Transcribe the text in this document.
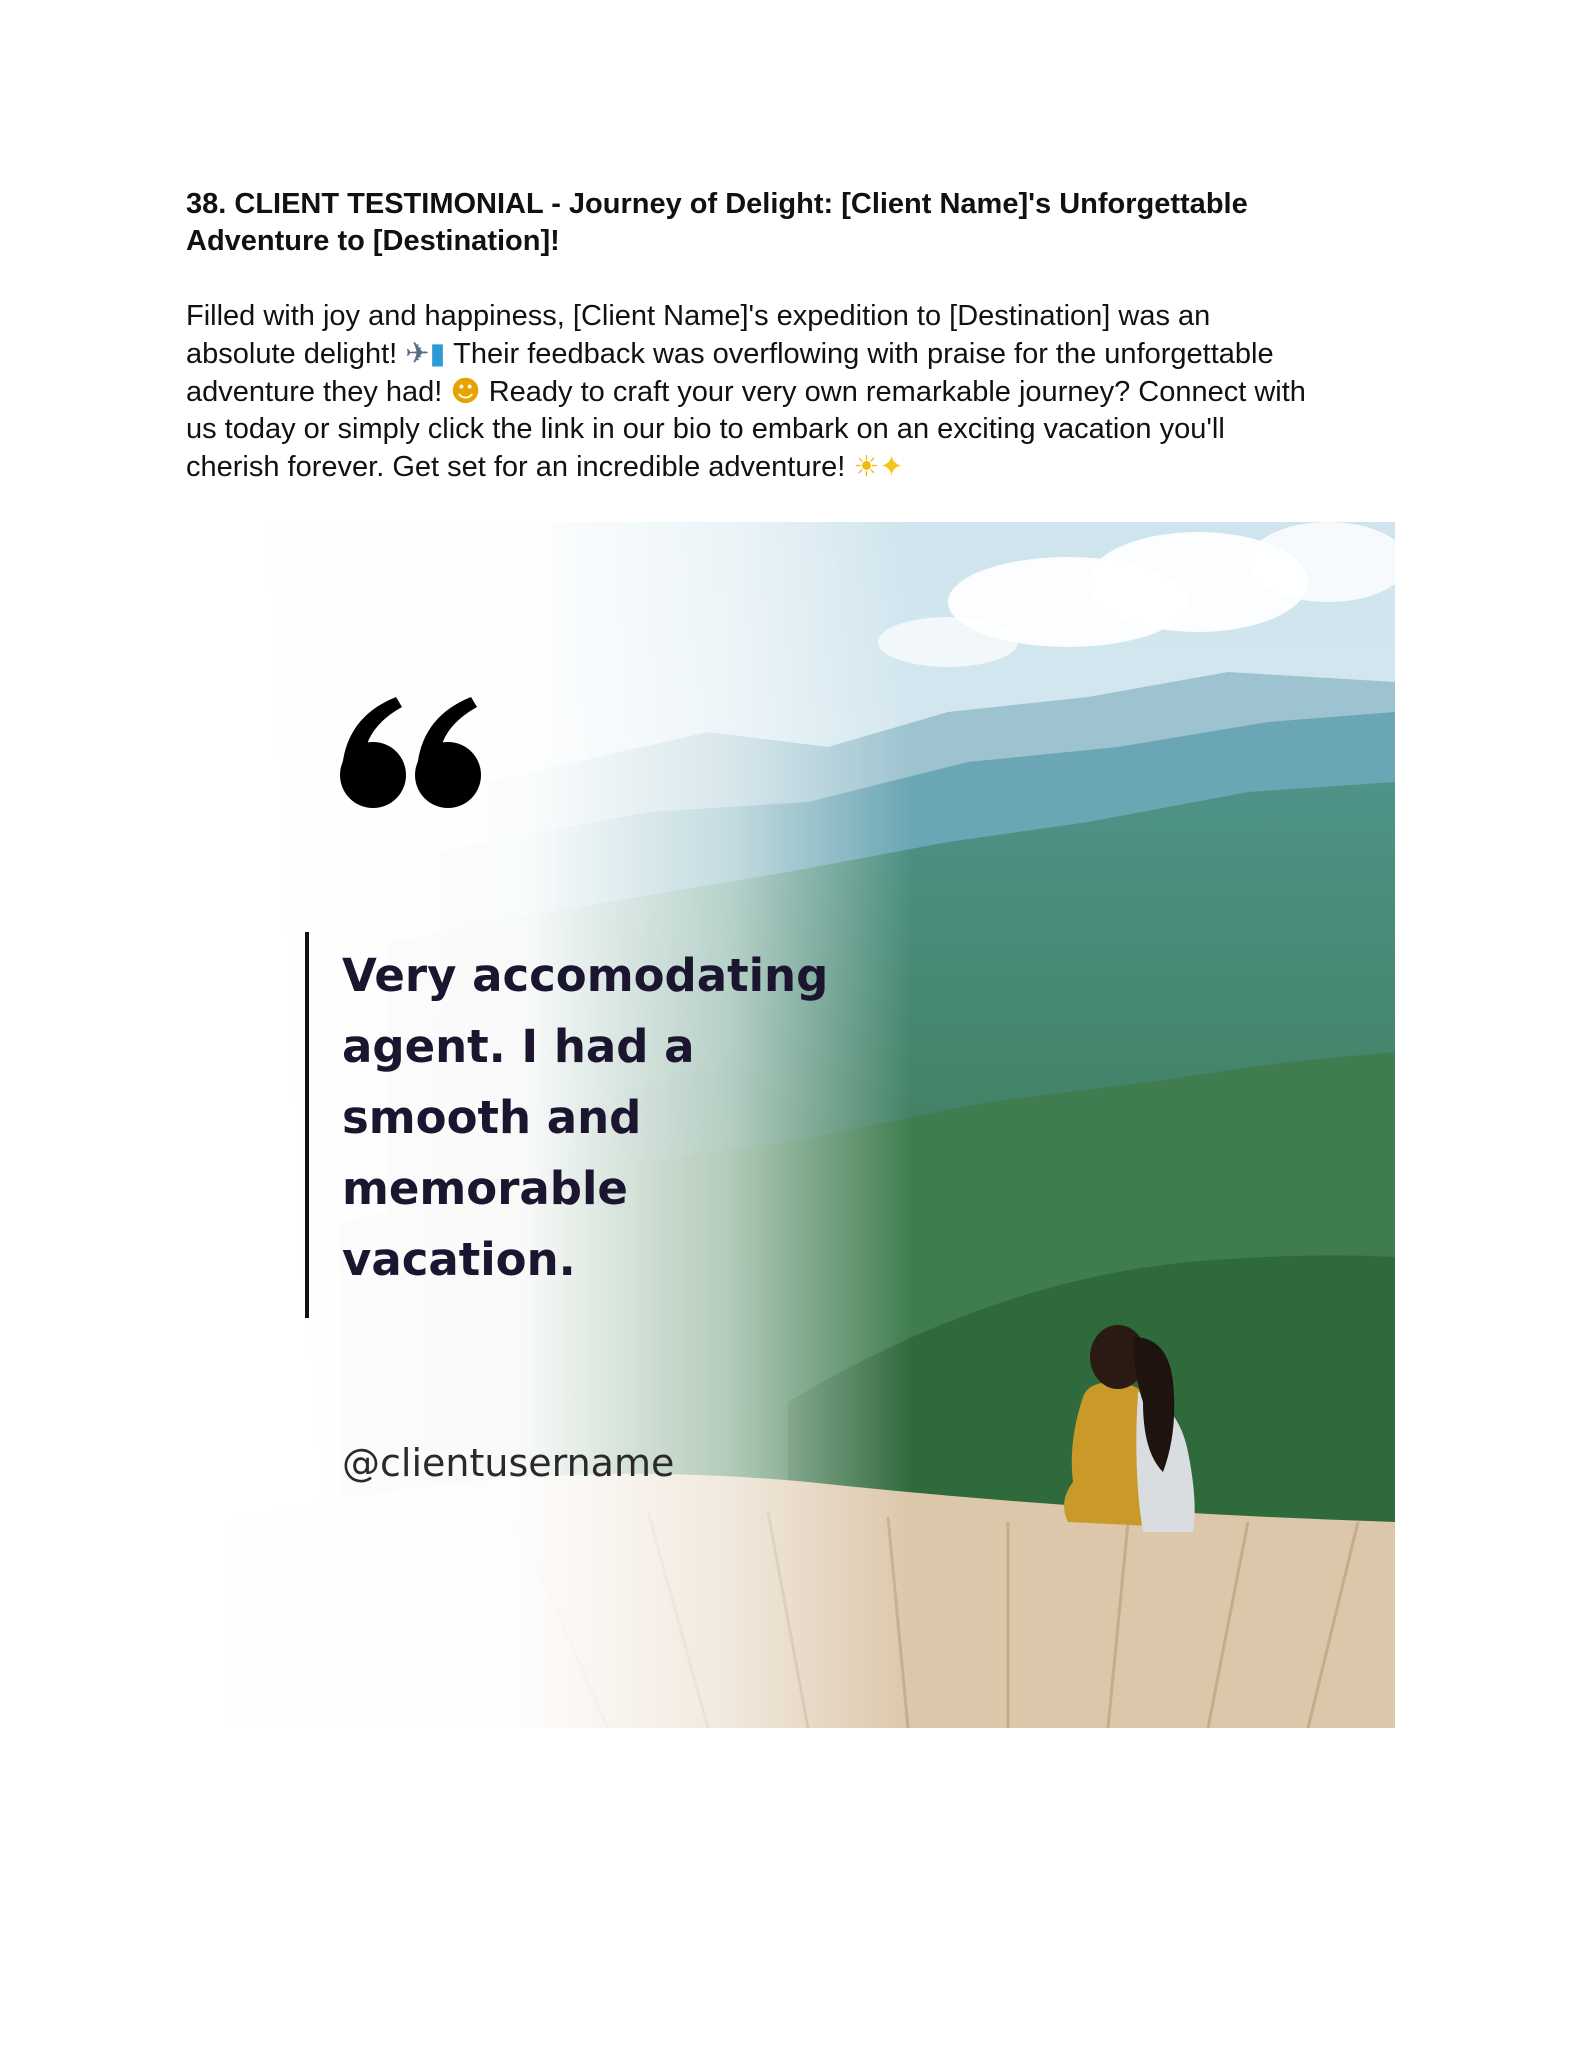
38. CLIENT TESTIMONIAL - Journey of Delight: [Client Name]'s Unforgettable
Adventure to [Destination]!

Filled with joy and happiness, [Client Name]'s expedition to [Destination] was an
absolute delight! ✈▮ Their feedback was overflowing with praise for the unforgettable
adventure they had! ☻ Ready to craft your very own remarkable journey? Connect with
us today or simply click the link in our bio to embark on an exciting vacation you'll
cherish forever. Get set for an incredible adventure! ☀✦

Very accomodating
agent. I had a
smooth and
memorable
vacation.

@clientusername
